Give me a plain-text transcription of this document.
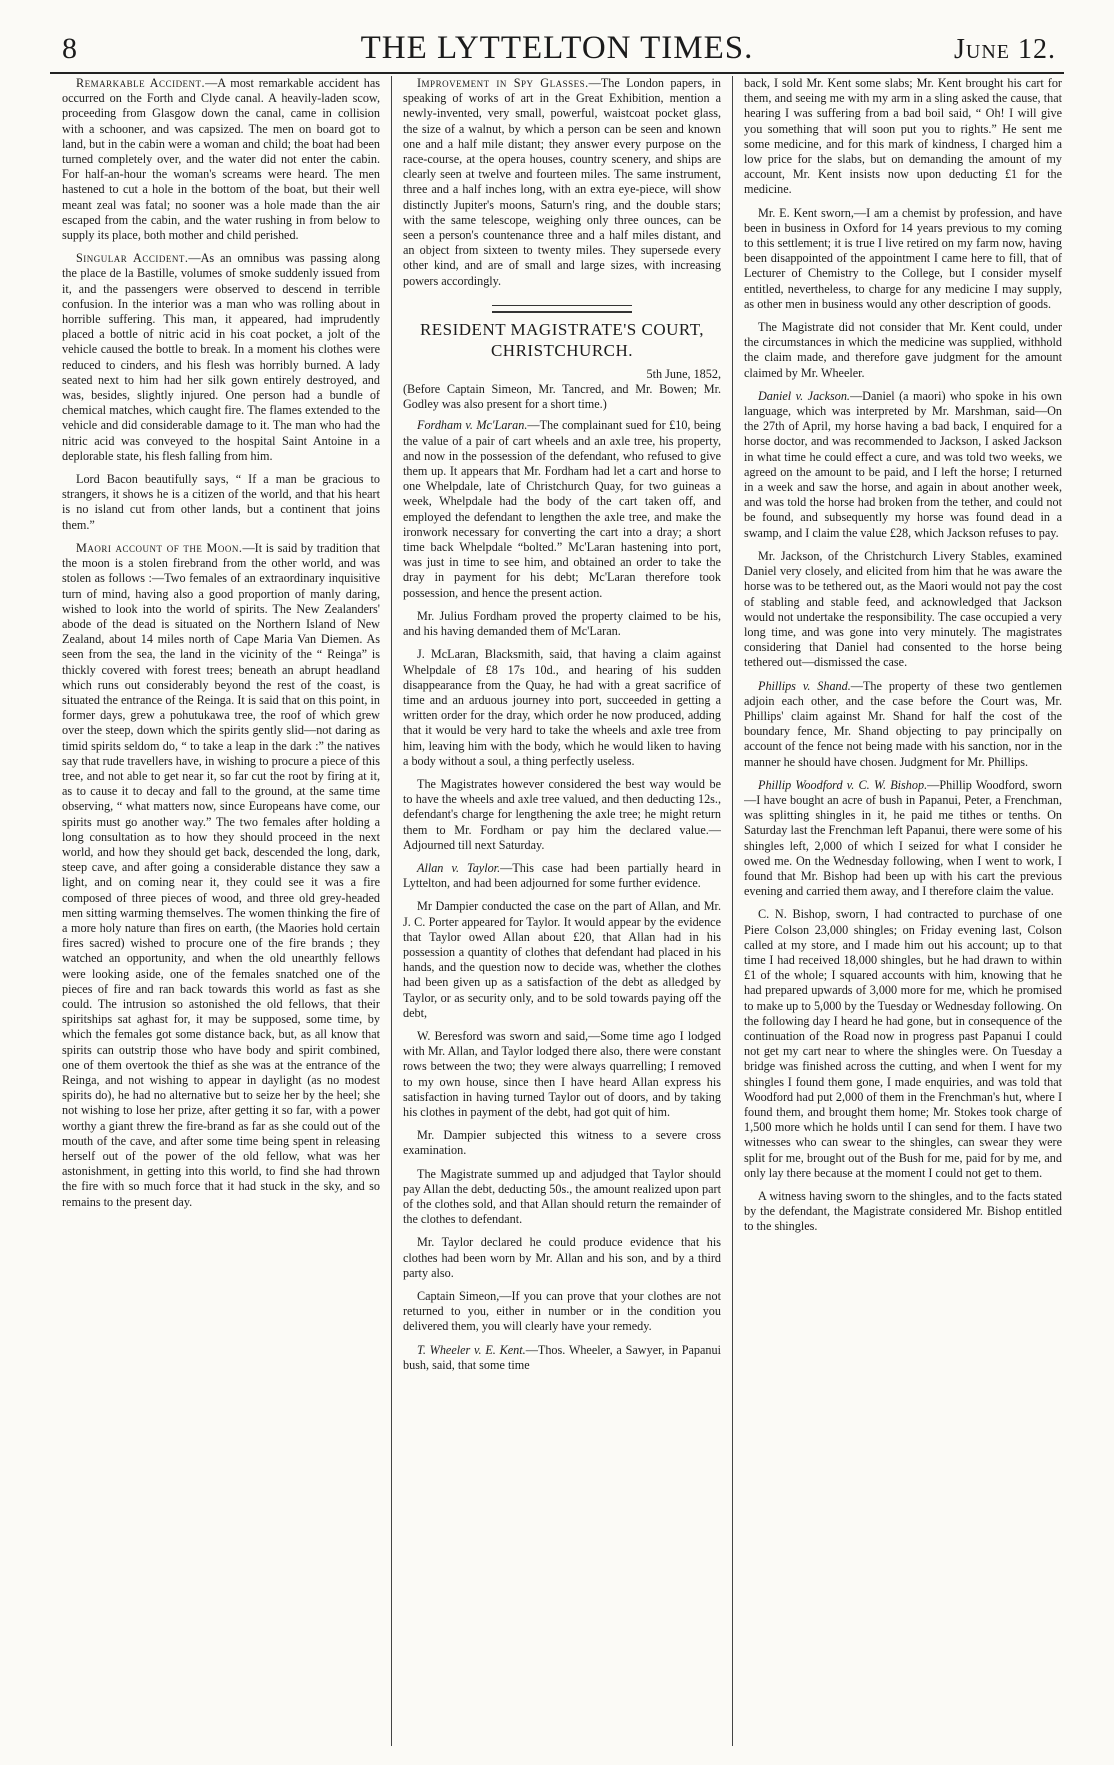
8	THE LYTTELTON TIMES.	June 12.

Remarkable Accident.—A most remarkable accident has occurred on the Forth and Clyde canal. A heavily-laden scow, proceeding from Glasgow down the canal, came in collision with a schooner, and was capsized. The men on board got to land, but in the cabin were a woman and child; the boat had been turned completely over, and the water did not enter the cabin. For half-an-hour the woman's screams were heard. The men hastened to cut a hole in the bottom of the boat, but their well meant zeal was fatal; no sooner was a hole made than the air escaped from the cabin, and the water rushing in from below to supply its place, both mother and child perished.

Singular Accident.—As an omnibus was passing along the place de la Bastille, volumes of smoke suddenly issued from it, and the passengers were observed to descend in terrible confusion. In the interior was a man who was rolling about in horrible suffering. This man, it appeared, had imprudently placed a bottle of nitric acid in his coat pocket, a jolt of the vehicle caused the bottle to break. In a moment his clothes were reduced to cinders, and his flesh was horribly burned. A lady seated next to him had her silk gown entirely destroyed, and was, besides, slightly injured. One person had a bundle of chemical matches, which caught fire. The flames extended to the vehicle and did considerable damage to it. The man who had the nitric acid was conveyed to the hospital Saint Antoine in a deplorable state, his flesh falling from him.

Lord Bacon beautifully says, “ If a man be gracious to strangers, it shows he is a citizen of the world, and that his heart is no island cut from other lands, but a continent that joins them.”

Maori account of the Moon.—It is said by tradition that the moon is a stolen firebrand from the other world, and was stolen as follows :—Two females of an extraordinary inquisitive turn of mind, having also a good proportion of manly daring, wished to look into the world of spirits. The New Zealanders' abode of the dead is situated on the Northern Island of New Zealand, about 14 miles north of Cape Maria Van Diemen. As seen from the sea, the land in the vicinity of the “ Reinga” is thickly covered with forest trees; beneath an abrupt headland which runs out considerably beyond the rest of the coast, is situated the entrance of the Reinga. It is said that on this point, in former days, grew a pohutukawa tree, the roof of which grew over the steep, down which the spirits gently slid—not daring as timid spirits seldom do, “ to take a leap in the dark :” the natives say that rude travellers have, in wishing to procure a piece of this tree, and not able to get near it, so far cut the root by firing at it, as to cause it to decay and fall to the ground, at the same time observing, “ what matters now, since Europeans have come, our spirits must go another way.” The two females after holding a long consultation as to how they should proceed in the next world, and how they should get back, descended the long, dark, steep cave, and after going a considerable distance they saw a light, and on coming near it, they could see it was a fire composed of three pieces of wood, and three old grey-headed men sitting warming themselves. The women thinking the fire of a more holy nature than fires on earth, (the Maories hold certain fires sacred) wished to procure one of the fire brands ; they watched an opportunity, and when the old unearthly fellows were looking aside, one of the females snatched one of the pieces of fire and ran back towards this world as fast as she could. The intrusion so astonished the old fellows, that their spiritships sat aghast for, it may be supposed, some time, by which the females got some distance back, but, as all know that spirits can outstrip those who have body and spirit combined, one of them overtook the thief as she was at the entrance of the Reinga, and not wishing to appear in daylight (as no modest spirits do), he had no alternative but to seize her by the heel; she not wishing to lose her prize, after getting it so far, with a power worthy a giant threw the fire-brand as far as she could out of the mouth of the cave, and after some time being spent in releasing herself out of the power of the old fellow, what was her astonishment, in getting into this world, to find she had thrown the fire with so much force that it had stuck in the sky, and so remains to the present day.

Improvement in Spy Glasses.—The London papers, in speaking of works of art in the Great Exhibition, mention a newly-invented, very small, powerful, waistcoat pocket glass, the size of a walnut, by which a person can be seen and known one and a half mile distant; they answer every purpose on the race-course, at the opera houses, country scenery, and ships are clearly seen at twelve and fourteen miles. The same instrument, three and a half inches long, with an extra eye-piece, will show distinctly Jupiter's moons, Saturn's ring, and the double stars; with the same telescope, weighing only three ounces, can be seen a person's countenance three and a half miles distant, and an object from sixteen to twenty miles. They supersede every other kind, and are of small and large sizes, with increasing powers accordingly.

RESIDENT MAGISTRATE'S COURT, CHRISTCHURCH.

5th June, 1852,

(Before Captain Simeon, Mr. Tancred, and Mr. Bowen; Mr. Godley was also present for a short time.)

Fordham v. Mc'Laran.—The complainant sued for £10, being the value of a pair of cart wheels and an axle tree, his property, and now in the possession of the defendant, who refused to give them up. It appears that Mr. Fordham had let a cart and horse to one Whelpdale, late of Christchurch Quay, for two guineas a week, Whelpdale had the body of the cart taken off, and employed the defendant to lengthen the axle tree, and make the ironwork necessary for converting the cart into a dray; a short time back Whelpdale “bolted.” Mc'Laran hastening into port, was just in time to see him, and obtained an order to take the dray in payment for his debt; Mc'Laran therefore took possession, and hence the present action.

Mr. Julius Fordham proved the property claimed to be his, and his having demanded them of Mc'Laran.

J. McLaran, Blacksmith, said, that having a claim against Whelpdale of £8 17s 10d., and hearing of his sudden disappearance from the Quay, he had with a great sacrifice of time and an arduous journey into port, succeeded in getting a written order for the dray, which order he now produced, adding that it would be very hard to take the wheels and axle tree from him, leaving him with the body, which he would liken to having a body without a soul, a thing perfectly useless.

The Magistrates however considered the best way would be to have the wheels and axle tree valued, and then deducting 12s., defendant's charge for lengthening the axle tree; he might return them to Mr. Fordham or pay him the declared value.—Adjourned till next Saturday.

Allan v. Taylor.—This case had been partially heard in Lyttelton, and had been adjourned for some further evidence.

Mr Dampier conducted the case on the part of Allan, and Mr. J. C. Porter appeared for Taylor. It would appear by the evidence that Taylor owed Allan about £20, that Allan had in his possession a quantity of clothes that defendant had placed in his hands, and the question now to decide was, whether the clothes had been given up as a satisfaction of the debt as alledged by Taylor, or as security only, and to be sold towards paying off the debt,

W. Beresford was sworn and said,—Some time ago I lodged with Mr. Allan, and Taylor lodged there also, there were constant rows between the two; they were always quarrelling; I removed to my own house, since then I have heard Allan express his satisfaction in having turned Taylor out of doors, and by taking his clothes in payment of the debt, had got quit of him.

Mr. Dampier subjected this witness to a severe cross examination.

The Magistrate summed up and adjudged that Taylor should pay Allan the debt, deducting 50s., the amount realized upon part of the clothes sold, and that Allan should return the remainder of the clothes to defendant.

Mr. Taylor declared he could produce evidence that his clothes had been worn by Mr. Allan and his son, and by a third party also.

Captain Simeon,—If you can prove that your clothes are not returned to you, either in number or in the condition you delivered them, you will clearly have your remedy.

T. Wheeler v. E. Kent.—Thos. Wheeler, a Sawyer, in Papanui bush, said, that some time

back, I sold Mr. Kent some slabs; Mr. Kent brought his cart for them, and seeing me with my arm in a sling asked the cause, that hearing I was suffering from a bad boil said, “ Oh! I will give you something that will soon put you to rights.” He sent me some medicine, and for this mark of kindness, I charged him a low price for the slabs, but on demanding the amount of my account, Mr. Kent insists now upon deducting £1 for the medicine.

Mr. E. Kent sworn,—I am a chemist by profession, and have been in business in Oxford for 14 years previous to my coming to this settlement; it is true I live retired on my farm now, having been disappointed of the appointment I came here to fill, that of Lecturer of Chemistry to the College, but I consider myself entitled, nevertheless, to charge for any medicine I may supply, as other men in business would any other description of goods.

The Magistrate did not consider that Mr. Kent could, under the circumstances in which the medicine was supplied, withhold the claim made, and therefore gave judgment for the amount claimed by Mr. Wheeler.

Daniel v. Jackson.—Daniel (a maori) who spoke in his own language, which was interpreted by Mr. Marshman, said—On the 27th of April, my horse having a bad back, I enquired for a horse doctor, and was recommended to Jackson, I asked Jackson in what time he could effect a cure, and was told two weeks, we agreed on the amount to be paid, and I left the horse; I returned in a week and saw the horse, and again in about another week, and was told the horse had broken from the tether, and could not be found, and subsequently my horse was found dead in a swamp, and I claim the value £28, which Jackson refuses to pay.

Mr. Jackson, of the Christchurch Livery Stables, examined Daniel very closely, and elicited from him that he was aware the horse was to be tethered out, as the Maori would not pay the cost of stabling and stable feed, and acknowledged that Jackson would not undertake the responsibility. The case occupied a very long time, and was gone into very minutely. The magistrates considering that Daniel had consented to the horse being tethered out—dismissed the case.

Phillips v. Shand.—The property of these two gentlemen adjoin each other, and the case before the Court was, Mr. Phillips' claim against Mr. Shand for half the cost of the boundary fence, Mr. Shand objecting to pay principally on account of the fence not being made with his sanction, nor in the manner he should have chosen. Judgment for Mr. Phillips.

Phillip Woodford v. C. W. Bishop.—Phillip Woodford, sworn—I have bought an acre of bush in Papanui, Peter, a Frenchman, was splitting shingles in it, he paid me tithes or tenths. On Saturday last the Frenchman left Papanui, there were some of his shingles left, 2,000 of which I seized for what I consider he owed me. On the Wednesday following, when I went to work, I found that Mr. Bishop had been up with his cart the previous evening and carried them away, and I therefore claim the value.

C. N. Bishop, sworn, I had contracted to purchase of one Piere Colson 23,000 shingles; on Friday evening last, Colson called at my store, and I made him out his account; up to that time I had received 18,000 shingles, but he had drawn to within £1 of the whole; I squared accounts with him, knowing that he had prepared upwards of 3,000 more for me, which he promised to make up to 5,000 by the Tuesday or Wednesday following. On the following day I heard he had gone, but in consequence of the continuation of the Road now in progress past Papanui I could not get my cart near to where the shingles were. On Tuesday a bridge was finished across the cutting, and when I went for my shingles I found them gone, I made enquiries, and was told that Woodford had put 2,000 of them in the Frenchman's hut, where I found them, and brought them home; Mr. Stokes took charge of 1,500 more which he holds until I can send for them. I have two witnesses who can swear to the shingles, can swear they were split for me, brought out of the Bush for me, paid for by me, and only lay there because at the moment I could not get to them.

A witness having sworn to the shingles, and to the facts stated by the defendant, the Magistrate considered Mr. Bishop entitled to the shingles.
